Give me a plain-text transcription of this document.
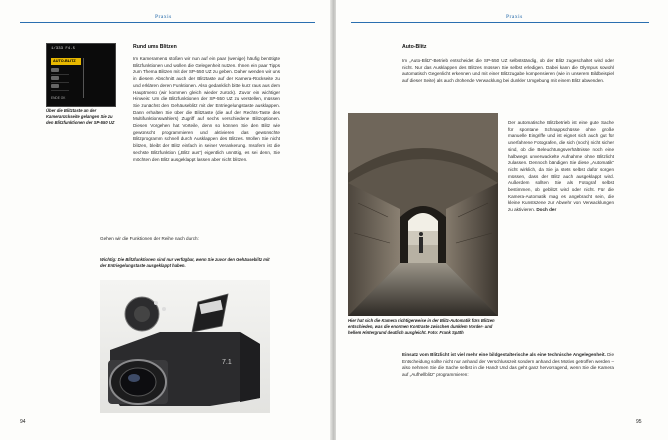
Praxis
1/333 F4.5
AUTO-BLITZ
ENDE OK
Über die Blitztaste an der Kamerarückseite gelangen Sie zu den Blitzfunktionen der SP-550 UZ
Rund ums Blitzen

Im Kameramenü stoßen wir nun auf ein paar (wenige) häufig benötigte Blitzfunktionen und wollen die Gelegenheit nutzen. Ihnen ein paar Tipps zum Thema Blitzen mit der SP-550 UZ zu geben. Daher wenden wir uns in diesem Abschnitt auch der Blitztaste auf der Kamera-Rückseite zu und erklären deren Funktionen. Also gedanklich bitte kurz raus aus dem Hauptmenü (wir kommen gleich wieder zurück). Zuvor ein wichtiger Hinweis: Um die Blitzfunktionen der SP-550 UZ zu verstellen, müssen Sie zunächst den Gehäuseblitz mit der Entriegelungstaste ausklappen. Dann erhalten Sie über die Blitztaste (die auf der Rechts-Taste des Multifunktionswählers) Zugriff auf sechs verschiedene Blitzoptionen. Diesen Vorgehen hat Vorteile, denn so können Sie den Blitz wie gewünscht programmieren und aktivieren das gewünschte Blitzprogramm schnell durch Ausklappen des Blitzes. Wollen Sie nicht blitzen, bleibt der Blitz einfach in seiner Verankerung. Insofern ist die sechste Blitzfunktion („Blitz aus“) eigentlich unnötig, es sei denn, Sie möchten den Blitz ausgeklappt lassen aber nicht blitzen.

Gehen wir die Funktionen der Reihe nach durch:
Wichtig: Die Blitzfunktionen sind nur verfügbar, wenn Sie zuvor den Gehäuseblitz mit der Entriegelungstaste ausgeklappt haben.
7.1
94
Praxis
Auto-Blitz
Im „Auto-Blitz“-Betrieb entscheidet die SP-550 UZ selbstständig, ob der Blitz zugeschaltet wird oder nicht. Nur das Ausklappen des Blitzes müssen Sie selbst erledigen. Dabei kann die Olympus sowohl automatisch Gegenlicht erkennen und mit einer Blitzzugabe kompensieren (wie in unserem Bildbeispiel auf dieser Seite) als auch drohende Verwacklung bei dunkler Umgebung mit einem Blitz abwenden.
Hier hat sich die Kamera richtigerweise in der Blitz-Automatik fürs Blitzen entschieden, was die enormen Kontraste zwischen dunklem Vorder- und hellem Hintergrund deutlich ausgleicht. Foto: Frank Späth
Der automatische Blitzbetrieb ist eine gute Sache für spontane Schnappschüsse ohne große manuelle Eingriffe und ist eignet sich auch gut für unerfahrene Fotografen, die sich (noch) nicht sicher sind, ob die Beleuchtungsverhältnisse noch eine halbwegs unverwackelte Aufnahme ohne Blitzlicht zulassen. Dennoch bändigen Sie diese „Automatik“ nicht wirklich, da Sie ja stets selbst dafür sorgen müssen, dass der Blitz auch ausgeklappt wird. Außerdem sollten Sie als Fotograf selbst bestimmen, ob geblitzt wird oder nicht. Für die Kamera-Automatik mag es angebracht sein, die kleine Kunstszene zur Abwehr von Verwacklungen zu aktivieren. Doch der
Einsatz vom Blitzlicht ist viel mehr eine bildgestalterische als eine technische Angelegenheit. Die Entscheidung sollte nicht nur anhand der Verschlusszeit sondern anhand des Motivs getroffen werden – also nehmen Sie die Sache selbst in die Hand! Und das geht ganz hervorragend, wenn Sie die Kamera auf „Aufhellblitz“ programmieren:
95
